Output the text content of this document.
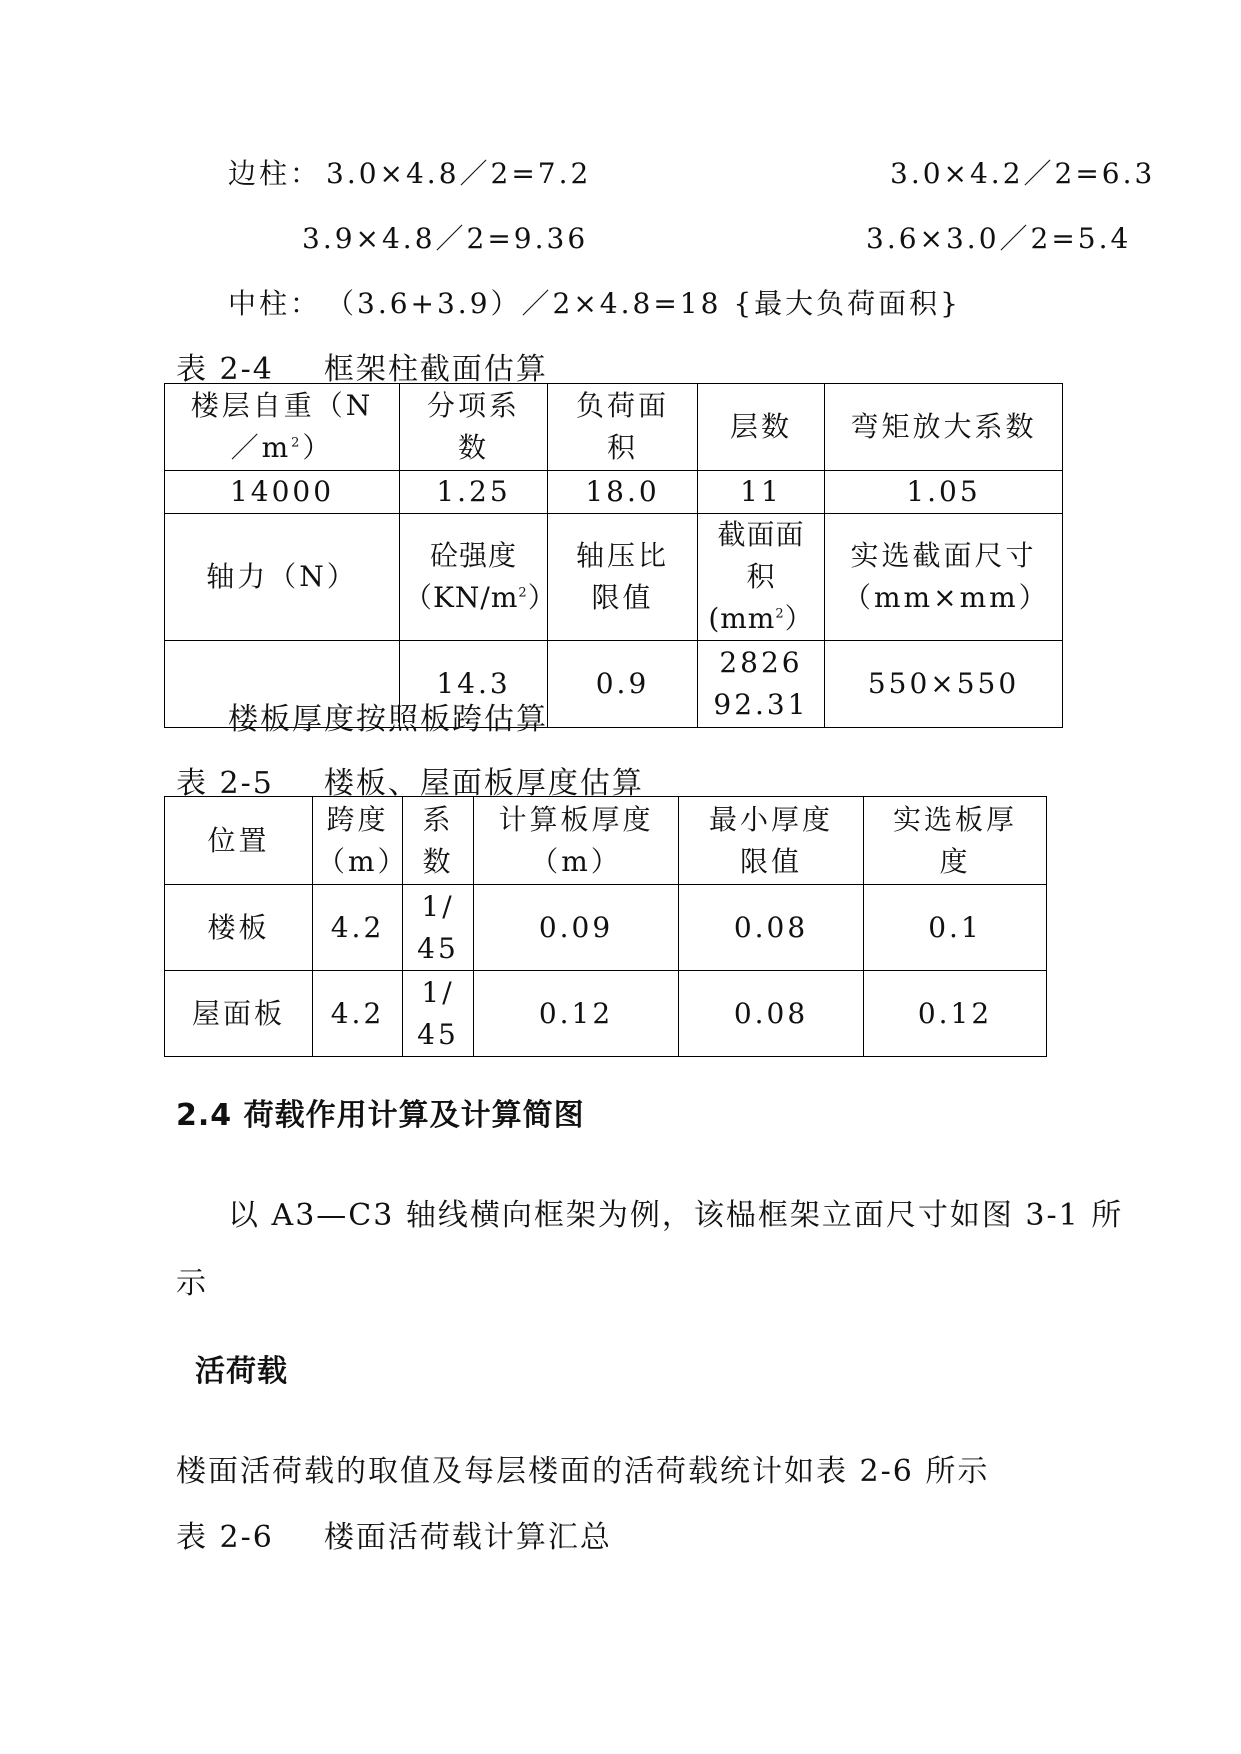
边柱： 3.0×4.8／2=7.2	3.0×4.2／2=6.3
3.9×4.8／2=9.36	3.6×3.0／2=5.4
中柱： （3.6+3.9）／2×4.8=18 {最大负荷面积}
表 2-4 框架柱截面估算
楼层自重$(N/m^2)$	分项系数	负荷面积	层数	弯矩放大系数
14000	1.25	18.0	11	1.05
轴力（N）	砼强度$(KN/m^2)$	轴压比限值	截面面积$(mm^2)$	实选截面尺寸（mm×mm）
	14.3	0.9	282692.31	550×550
楼板厚度按照板跨估算
表 2-5 楼板、屋面板厚度估算
位置	跨度（m）	系数	计算板厚度（m）	最小厚度限值	实选板厚度
楼板	4.2	1/45	0.09	0.08	0.1
屋面板	4.2	1/45	0.12	0.08	0.12
2.4 荷载作用计算及计算简图
以 A3—C3 轴线横向框架为例，该榀框架立面尺寸如图 3-1 所
示
活荷载
楼面活荷载的取值及每层楼面的活荷载统计如表 2-6 所示
表 2-6 楼面活荷载计算汇总
